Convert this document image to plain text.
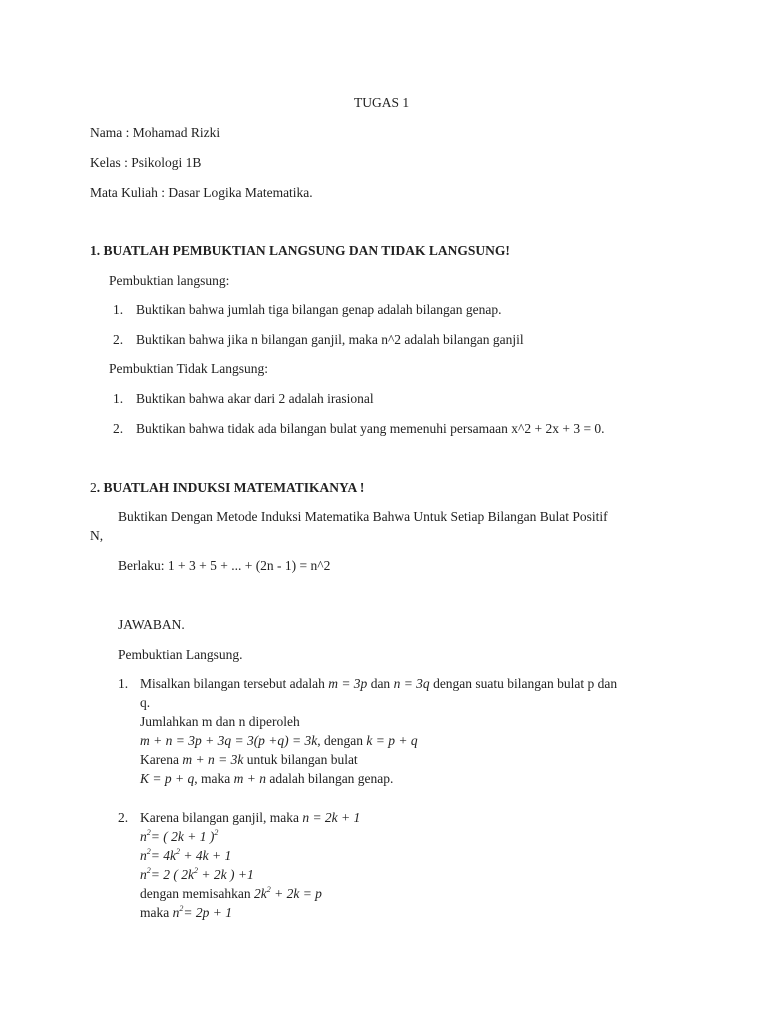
TUGAS 1
Nama : Mohamad Rizki
Kelas : Psikologi 1B
Mata Kuliah : Dasar Logika Matematika.
1. BUATLAH PEMBUKTIAN LANGSUNG DAN TIDAK LANGSUNG!
Pembuktian langsung:
1. Buktikan bahwa jumlah tiga bilangan genap adalah bilangan genap.
2. Buktikan bahwa jika n bilangan ganjil, maka n^2 adalah bilangan ganjil
Pembuktian Tidak Langsung:
1. Buktikan bahwa akar dari 2 adalah irasional
2. Buktikan bahwa tidak ada bilangan bulat yang memenuhi persamaan x^2 + 2x + 3 = 0.
2. BUATLAH INDUKSI MATEMATIKANYA !
Buktikan Dengan Metode Induksi Matematika Bahwa Untuk Setiap Bilangan Bulat Positif
N,
Berlaku: 1 + 3 + 5 + ... + (2n - 1) = n^2
JAWABAN.
Pembuktian Langsung.
1. Misalkan bilangan tersebut adalah m = 3p dan n = 3q dengan suatu bilangan bulat p dan
q.
Jumlahkan m dan n diperoleh
m + n = 3p + 3q = 3(p +q) = 3k, dengan k = p + q
Karena m + n = 3k untuk bilangan bulat
K = p + q, maka m + n adalah bilangan genap.
2. Karena bilangan ganjil, maka n = 2k + 1
$n^2=$ ( 2k + 1 )$^2$
$n^2= 4k^2 + 4k + 1$
$n^2= 2$ ( $2k^2 + 2k$ ) +1
dengan memisahkan $2k^2 + 2k = p$
maka $n^2= 2p + 1$
